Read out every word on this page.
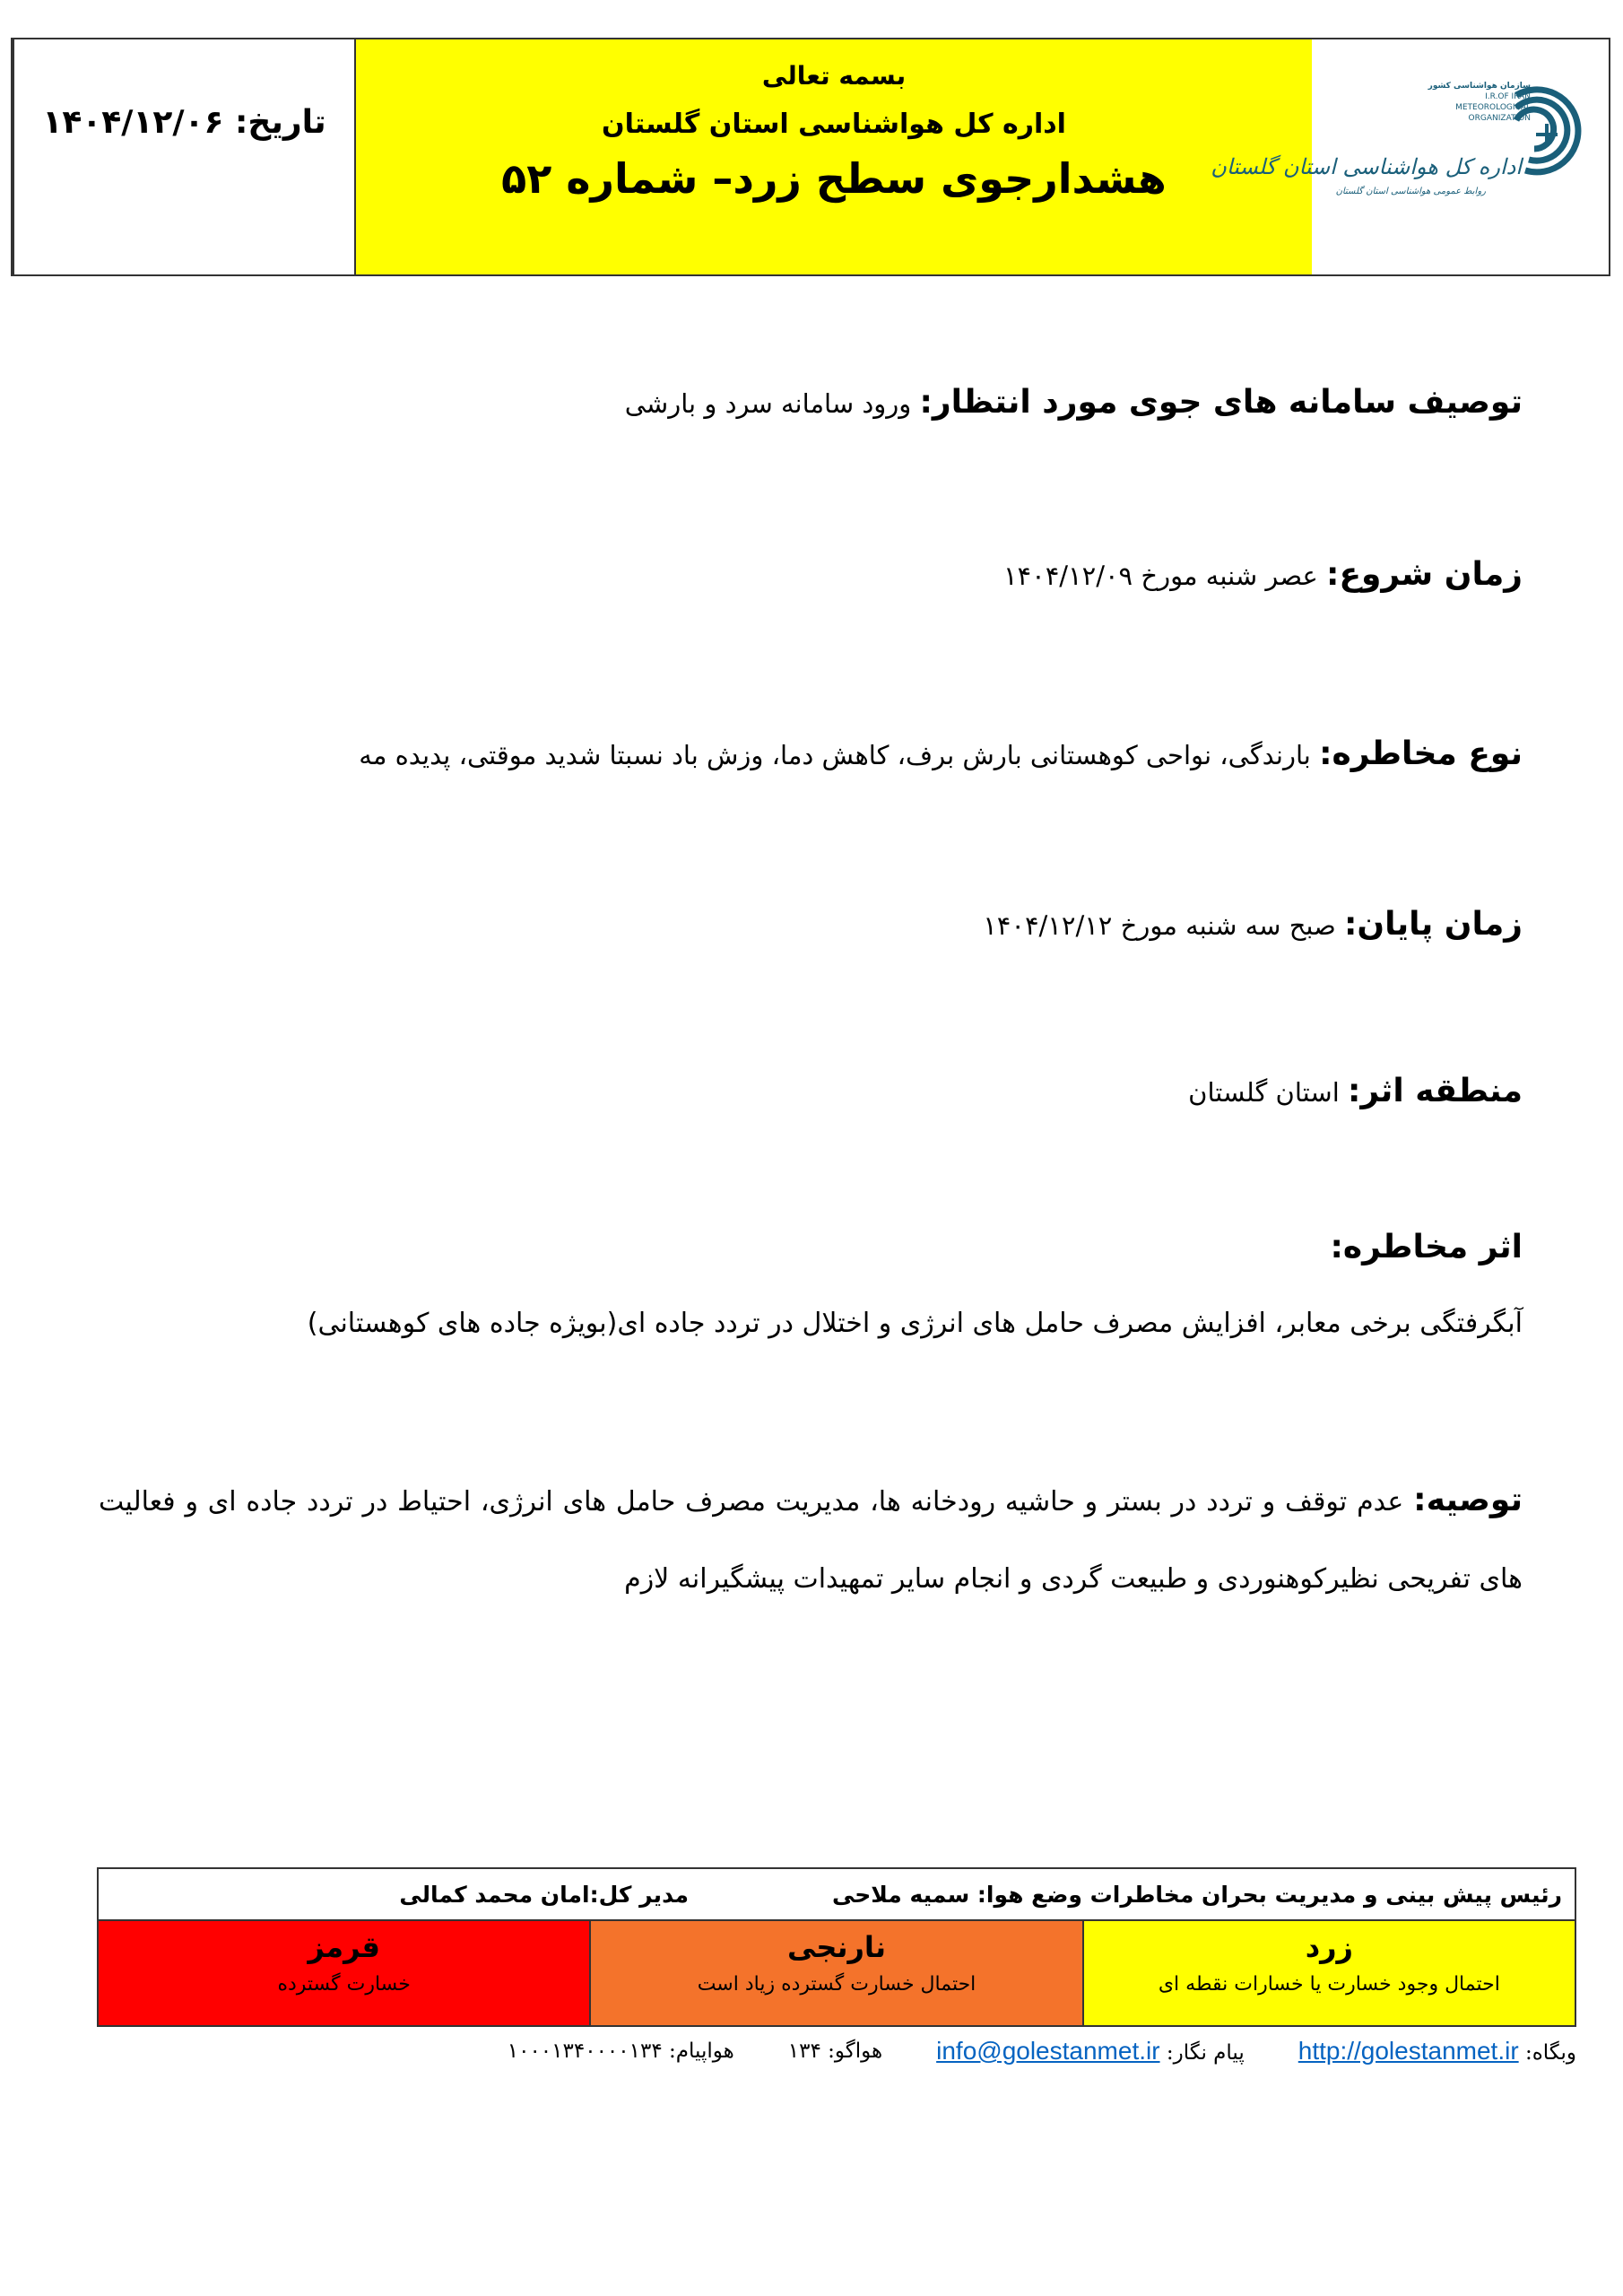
تاریخ:

۱۴۰۴/۱۲/۰۶
بسمه تعالی
اداره کل هواشناسی استان گلستان
هشدارجوی سطح زرد– شماره ۵۲
سازمان هواشناسی کشور
I.R.OF IRAN
METEOROLOGICAL
ORGANIZATION
اداره کل هواشناسی استان گلستان
روابط عمومی هواشناسی استان گلستان
توصیف سامانه های جوی مورد انتظار: ورود سامانه سرد و بارشی
زمان شروع: عصر شنبه مورخ ۱۴۰۴/۱۲/۰۹
نوع مخاطره: بارندگی، نواحی کوهستانی بارش برف، کاهش دما، وزش باد نسبتا شدید موقتی، پدیده مه
زمان پایان: صبح سه شنبه مورخ ۱۴۰۴/۱۲/۱۲
منطقه اثر: استان گلستان
اثر مخاطره:
آبگرفتگی برخی معابر، افزایش مصرف حامل های انرژی و اختلال در تردد جاده ای(بویژه جاده های کوهستانی)
توصیه: عدم توقف و تردد در بستر و حاشیه رودخانه ها، مدیریت مصرف حامل های انرژی، احتیاط در تردد جاده ای و فعالیت های تفریحی نظیرکوهنوردی و طبیعت گردی و انجام سایر تمهیدات پیشگیرانه لازم
رئیس پیش بینی و مدیریت بحران مخاطرات وضع هوا: سمیه ملاحی
مدیر کل:امان محمد کمالی
زرد
احتمال وجود خسارت یا خسارات نقطه ای
نارنجی
احتمال خسارت گسترده زیاد است
قرمز
خسارت گسترده
وبگاه: http://golestanmet.ir
پیام نگار: info@golestanmet.ir
هواگو: ۱۳۴
هواپیام: ۱۰۰۰۱۳۴۰۰۰۰۱۳۴
